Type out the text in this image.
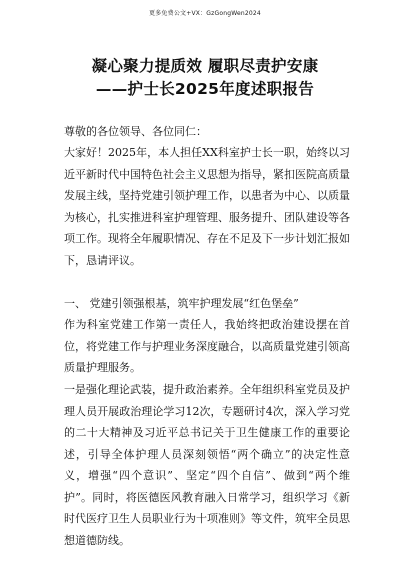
更多免费公文+VX：GzGongWen2024
凝心聚力提质效 履职尽责护安康
——护士长2025年度述职报告
尊敬的各位领导、各位同仁：
大家好！2025年，本人担任XX科室护士长一职，始终以习近平新时代中国特色社会主义思想为指导，紧扣医院高质量发展主线，坚持党建引领护理工作，以患者为中心、以质量为核心，扎实推进科室护理管理、服务提升、团队建设等各项工作。现将全年履职情况、存在不足及下一步计划汇报如下，恳请评议。
一、 党建引领强根基，筑牢护理发展“红色堡垒”
作为科室党建工作第一责任人，我始终把政治建设摆在首位，将党建工作与护理业务深度融合，以高质量党建引领高质量护理服务。
一是强化理论武装，提升政治素养。全年组织科室党员及护理人员开展政治理论学习12次，专题研讨4次，深入学习党的二十大精神及习近平总书记关于卫生健康工作的重要论述，引导全体护理人员深刻领悟“两个确立”的决定性意义，增强“四个意识”、坚定“四个自信”、做到“两个维护”。同时，将医德医风教育融入日常学习，组织学习《新时代医疗卫生人员职业行为十项准则》等文件，筑牢全员思想道德防线。
